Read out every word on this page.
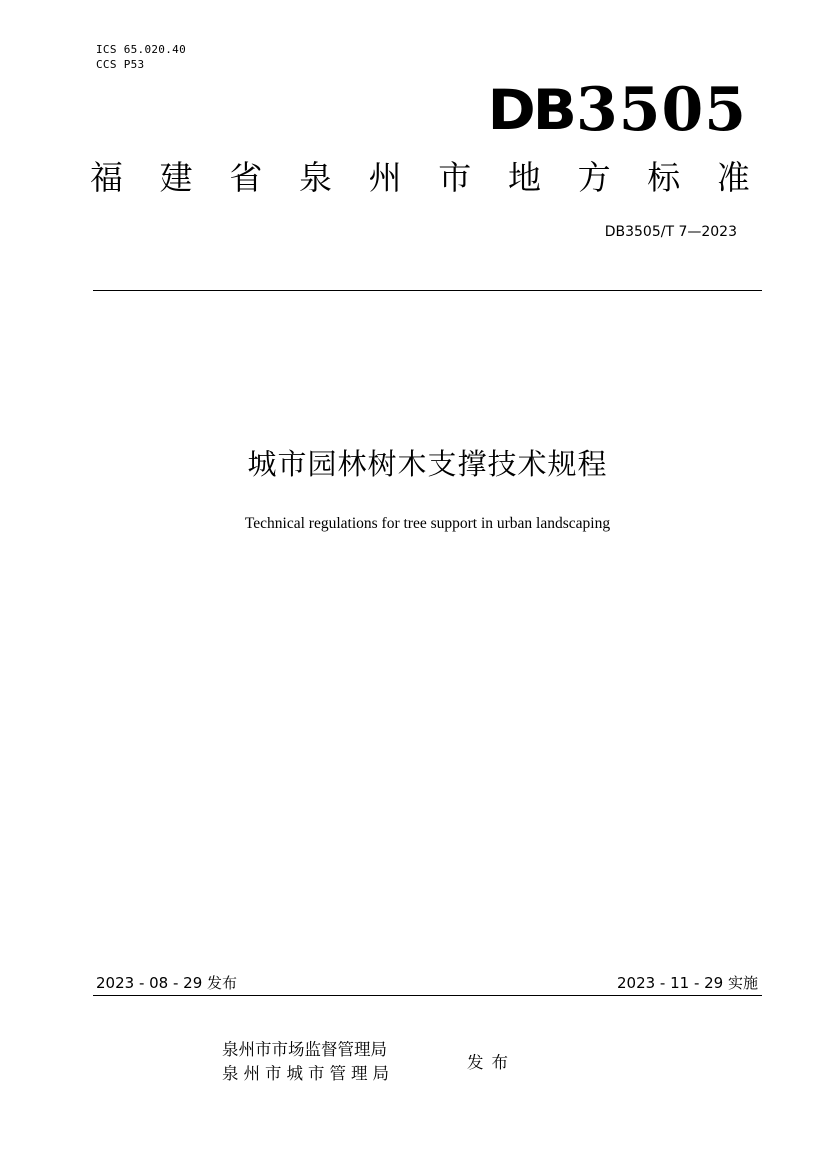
ICS 65.020.40
CCS P53
DB 3505
福 建 省 泉 州 市 地 方 标 准
DB3505/T 7—2023
城市园林树木支撑技术规程
Technical regulations for tree support in urban landscaping
2023 - 08 - 29 发布	2023 - 11 - 29 实施
泉州市市场监督管理局
泉州市城市管理局
发布
